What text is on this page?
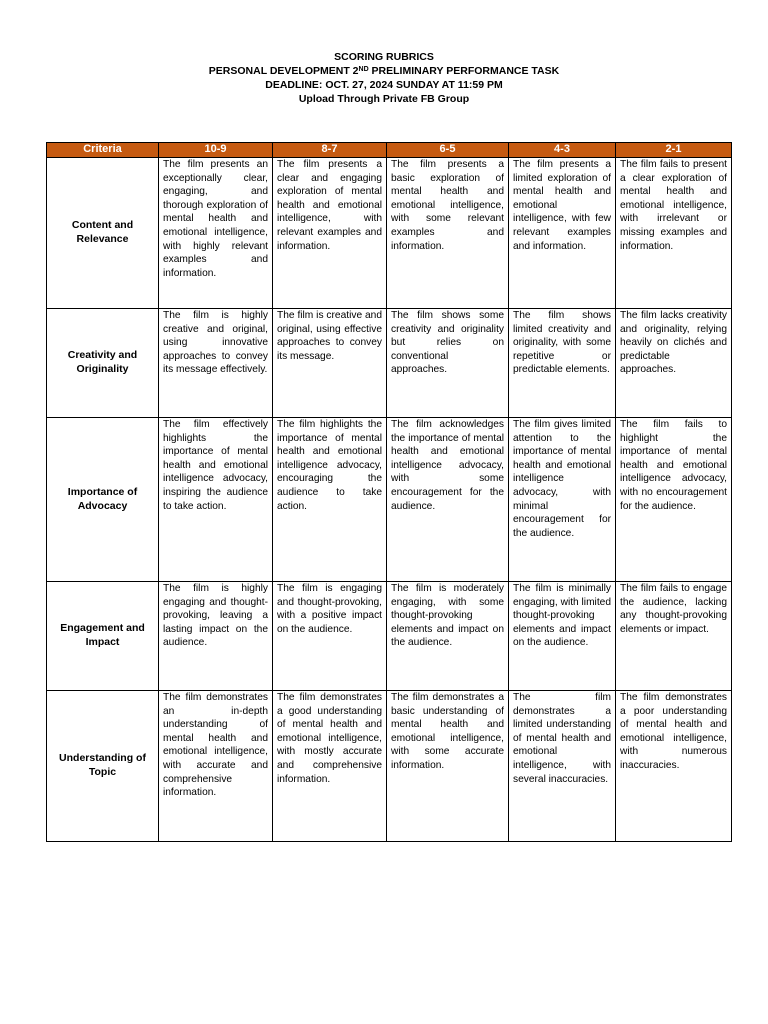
SCORING RUBRICS
PERSONAL DEVELOPMENT 2ND PRELIMINARY PERFORMANCE TASK
DEADLINE: OCT. 27, 2024 SUNDAY AT 11:59 PM
Upload Through Private FB Group
Criteria	10-9	8-7	6-5	4-3	2-1
Content and Relevance	The film presents an exceptionally clear, engaging, and thorough exploration of mental health and emotional intelligence, with highly relevant examples and information.	The film presents a clear and engaging exploration of mental health and emotional intelligence, with relevant examples and information.	The film presents a basic exploration of mental health and emotional intelligence, with some relevant examples and information.	The film presents a limited exploration of mental health and emotional intelligence, with few relevant examples and information.	The film fails to present a clear exploration of mental health and emotional intelligence, with irrelevant or missing examples and information.
Creativity and Originality	The film is highly creative and original, using innovative approaches to convey its message effectively.	The film is creative and original, using effective approaches to convey its message.	The film shows some creativity and originality but relies on conventional approaches.	The film shows limited creativity and originality, with some repetitive or predictable elements.	The film lacks creativity and originality, relying heavily on clichés and predictable approaches.
Importance of Advocacy	The film effectively highlights the importance of mental health and emotional intelligence advocacy, inspiring the audience to take action.	The film highlights the importance of mental health and emotional intelligence advocacy, encouraging the audience to take action.	The film acknowledges the importance of mental health and emotional intelligence advocacy, with some encouragement for the audience.	The film gives limited attention to the importance of mental health and emotional intelligence advocacy, with minimal encouragement for the audience.	The film fails to highlight the importance of mental health and emotional intelligence advocacy, with no encouragement for the audience.
Engagement and Impact	The film is highly engaging and thought-provoking, leaving a lasting impact on the audience.	The film is engaging and thought-provoking, with a positive impact on the audience.	The film is moderately engaging, with some thought-provoking elements and impact on the audience.	The film is minimally engaging, with limited thought-provoking elements and impact on the audience.	The film fails to engage the audience, lacking any thought-provoking elements or impact.
Understanding of Topic	The film demonstrates an in-depth understanding of mental health and emotional intelligence, with accurate and comprehensive information.	The film demonstrates a good understanding of mental health and emotional intelligence, with mostly accurate and comprehensive information.	The film demonstrates a basic understanding of mental health and emotional intelligence, with some accurate information.	The film demonstrates a limited understanding of mental health and emotional intelligence, with several inaccuracies.	The film demonstrates a poor understanding of mental health and emotional intelligence, with numerous inaccuracies.
